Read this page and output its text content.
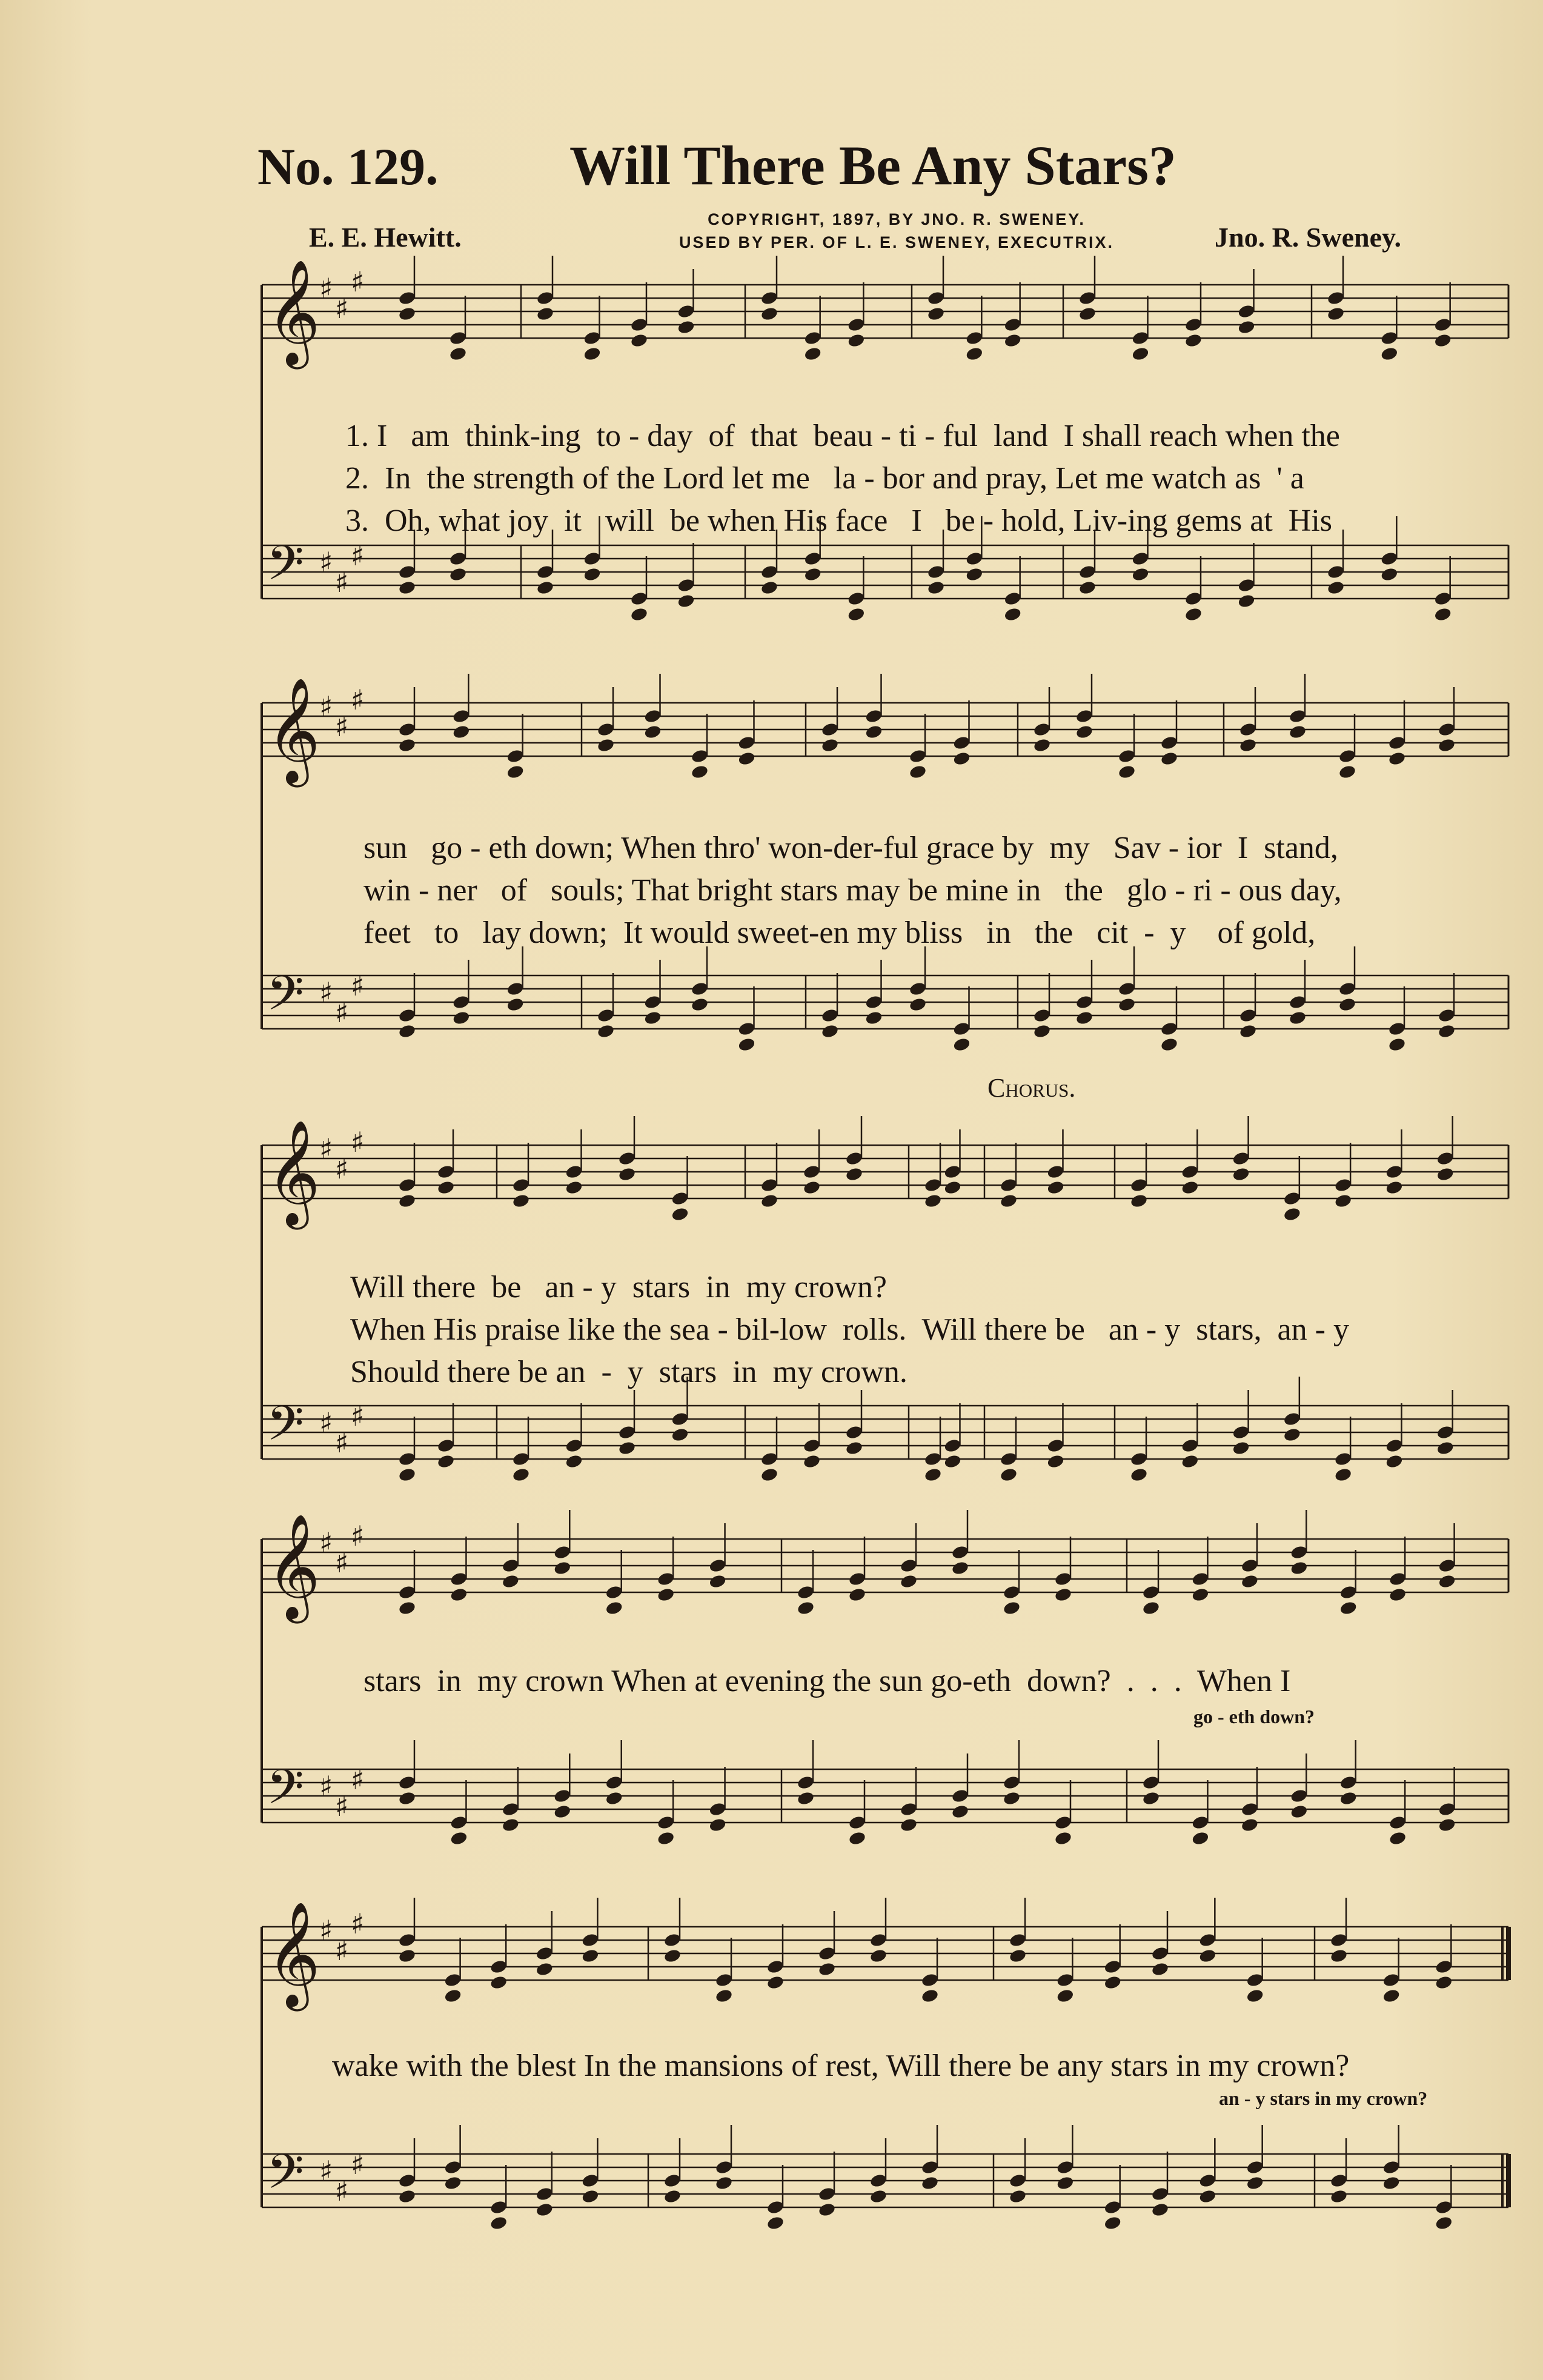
𝄞
♯
♯
♯
𝄢 ♯
♯
♯
𝄞
♯
♯
♯
𝄢 ♯
♯
♯
𝄞
♯
♯
♯
𝄢 ♯
♯
♯
𝄞
♯
♯
♯
𝄢 ♯
♯
♯
𝄞
♯
♯
♯
𝄢 ♯
♯
♯
No. 129. Will There Be Any Stars?
COPYRIGHT, 1897, BY JNO. R. SWENEY.
USED BY PER. OF L. E. SWENEY, EXECUTRIX.
E. E. Hewitt.	Jno. R. Sweney.
1. I   am  think-ing  to - day  of  that  beau - ti - ful  land  I shall reach when the
2.  In  the strength of the Lord let me   la - bor and pray, Let me watch as  ' a
3.  Oh, what joy  it   will  be when His face   I   be - hold, Liv-ing gems at  His
sun   go - eth down; When thro' won-der-ful grace by  my   Sav - ior  I  stand,
win - ner   of   souls; That bright stars may be mine in   the   glo - ri - ous day,
feet   to   lay down;  It would sweet-en my bliss   in   the   cit  -  y    of gold,
Chorus.
Will there  be   an - y  stars  in  my crown?
When His praise like the sea - bil-low  rolls.  Will there be   an - y  stars,  an - y
Should there be an  -  y  stars  in  my crown.
stars  in  my crown When at evening the sun go-eth  down?  .  .  .  When I
go - eth down?
wake with the blest In the mansions of rest, Will there be any stars in my crown?
an - y stars in my crown?
